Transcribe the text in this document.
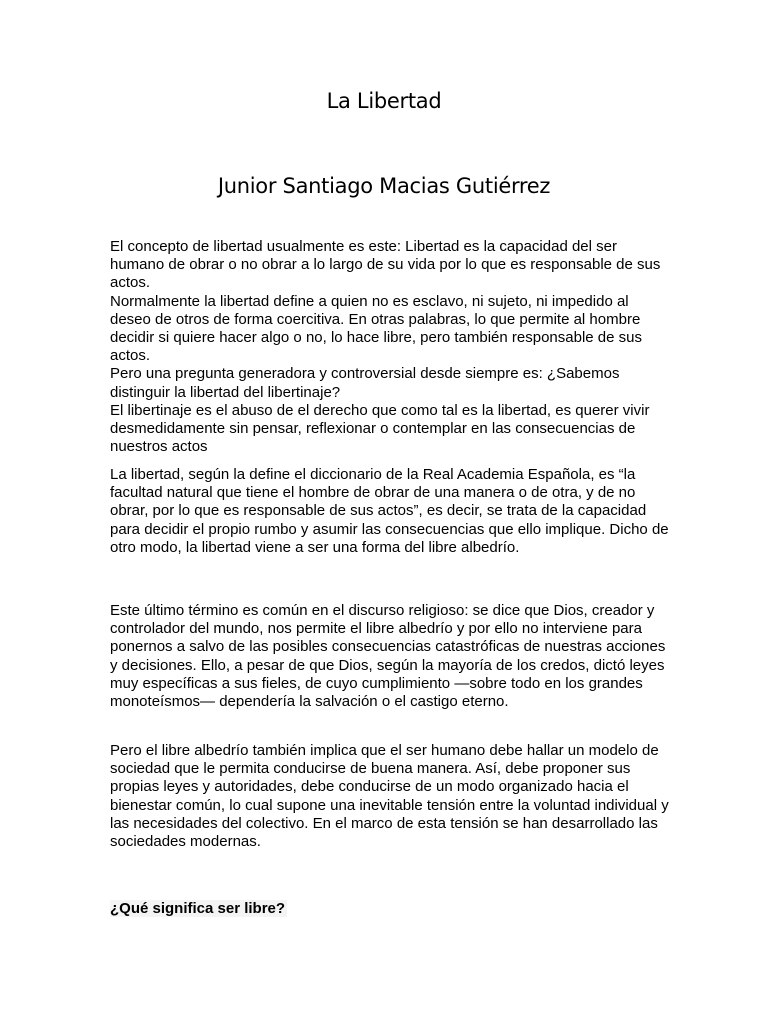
La Libertad
Junior Santiago Macias Gutiérrez

El concepto de libertad usualmente es este: Libertad es la capacidad del ser humano de obrar o no obrar a lo largo de su vida por lo que es responsable de sus actos.
Normalmente la libertad define a quien no es esclavo, ni sujeto, ni impedido al deseo de otros de forma coercitiva. En otras palabras, lo que permite al hombre decidir si quiere hacer algo o no, lo hace libre, pero también responsable de sus actos.
Pero una pregunta generadora y controversial desde siempre es: ¿Sabemos distinguir la libertad del libertinaje?
El libertinaje es el abuso de el derecho que como tal es la libertad, es querer vivir desmedidamente sin pensar, reflexionar o contemplar en las consecuencias de nuestros actos

La libertad, según la define el diccionario de la Real Academia Española, es “la facultad natural que tiene el hombre de obrar de una manera o de otra, y de no obrar, por lo que es responsable de sus actos”, es decir, se trata de la capacidad para decidir el propio rumbo y asumir las consecuencias que ello implique. Dicho de otro modo, la libertad viene a ser una forma del libre albedrío.

Este último término es común en el discurso religioso: se dice que Dios, creador y controlador del mundo, nos permite el libre albedrío y por ello no interviene para ponernos a salvo de las posibles consecuencias catastróficas de nuestras acciones y decisiones. Ello, a pesar de que Dios, según la mayoría de los credos, dictó leyes muy específicas a sus fieles, de cuyo cumplimiento —sobre todo en los grandes monoteísmos— dependería la salvación o el castigo eterno.

Pero el libre albedrío también implica que el ser humano debe hallar un modelo de sociedad que le permita conducirse de buena manera. Así, debe proponer sus propias leyes y autoridades, debe conducirse de un modo organizado hacia el bienestar común, lo cual supone una inevitable tensión entre la voluntad individual y las necesidades del colectivo. En el marco de esta tensión se han desarrollado las sociedades modernas.

¿Qué significa ser libre?
